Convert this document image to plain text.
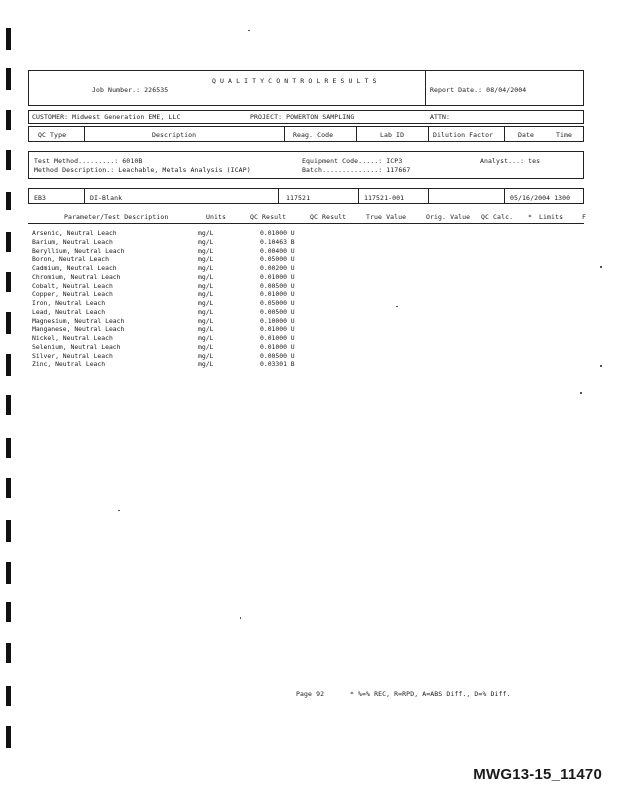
Q U A L I T Y C O N T R O L R E S U L T S
Job Number.: 226535	Report Date.: 08/04/2004
CUSTOMER: Midwest Generation EME, LLC	PROJECT: POWERTON SAMPLING	ATTN:
QC Type	Description	Reag. Code	Lab ID	Dilution Factor	Date	Time
Test Method.........: 6010B
Method Description.: Leachable, Metals Analysis (ICAP)
Equipment Code.....: ICP3
Batch..............: 117667
Analyst...: tes
EB3	DI-Blank	117521	117521-001	05/16/2004 1300
Parameter/Test Description	Units	QC Result	QC Result	True Value	Orig. Value QC Calc. * Limits	F
Arsenic, Neutral Leach	mg/L	0.01000 U
Barium, Neutral Leach	mg/L	0.10463 B
Beryllium, Neutral Leach	mg/L	0.00400 U
Boron, Neutral Leach	mg/L	0.05000 U
Cadmium, Neutral Leach	mg/L	0.00200 U
Chromium, Neutral Leach	mg/L	0.01000 U
Cobalt, Neutral Leach	mg/L	0.00500 U
Copper, Neutral Leach	mg/L	0.01000 U
Iron, Neutral Leach	mg/L	0.05000 U
Lead, Neutral Leach	mg/L	0.00500 U
Magnesium, Neutral Leach	mg/L	0.10000 U
Manganese, Neutral Leach	mg/L	0.01000 U
Nickel, Neutral Leach	mg/L	0.01000 U
Selenium, Neutral Leach	mg/L	0.01000 U
Silver, Neutral Leach	mg/L	0.00500 U
Zinc, Neutral Leach	mg/L	0.03301 B
Page 92	* %=% REC, R=RPD, A=ABS Diff., D=% Diff.
MWG13-15_11470
